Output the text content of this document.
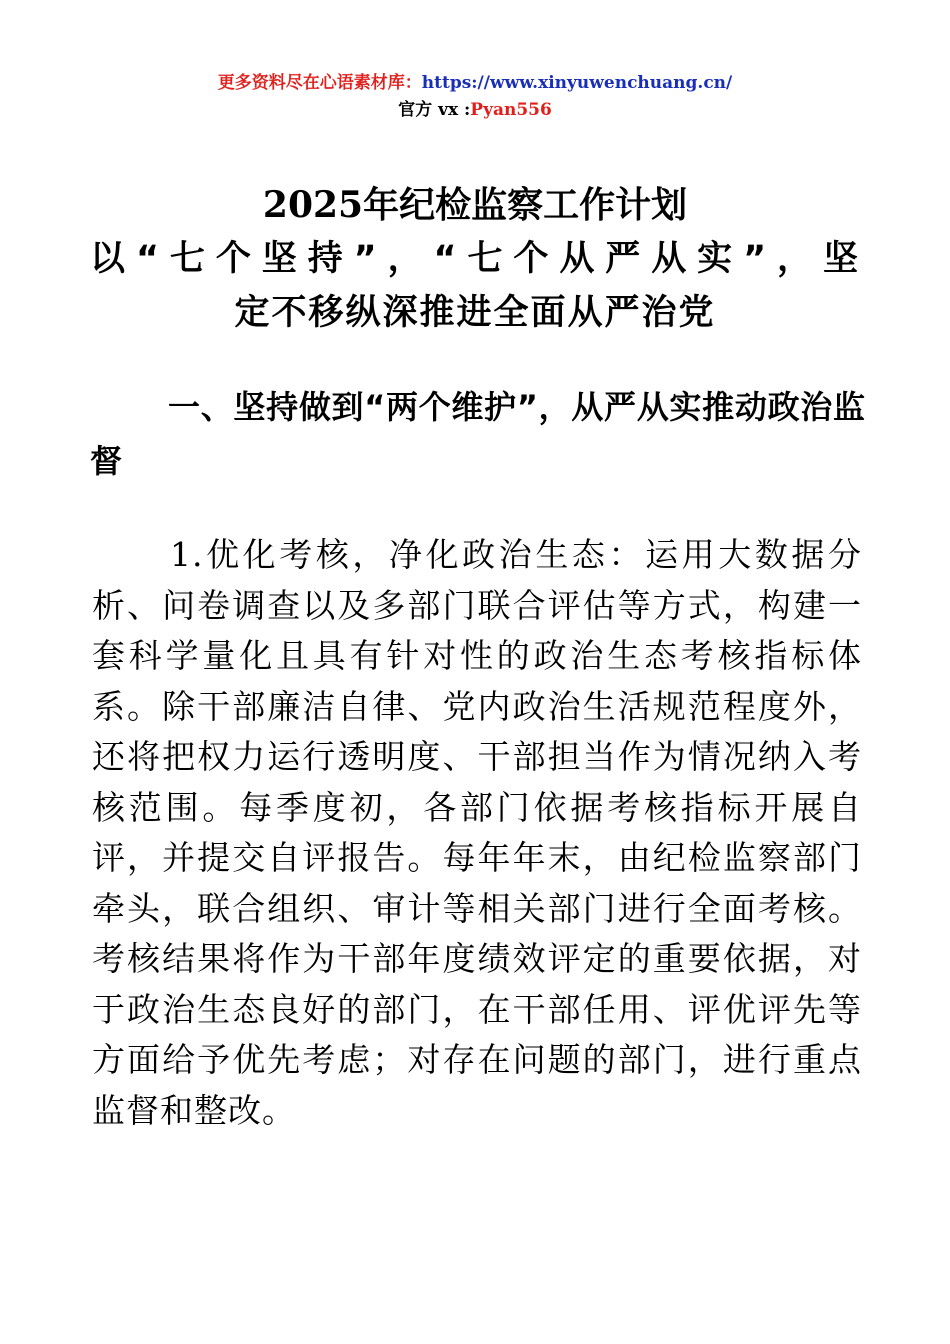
更多资料尽在心语素材库：https://www.xinyuwenchuang.cn/
官方 vx :Pyan556
2025年纪检监察工作计划
以“七个坚持”，“七个从严从实”，坚
定不移纵深推进全面从严治党
一、坚持做到“两个维护”，从严从实推动政治监督
1.优化考核，净化政治生态：运用大数据分析、问卷调查以及多部门联合评估等方式，构建一套科学量化且具有针对性的政治生态考核指标体系。除干部廉洁自律、党内政治生活规范程度外，还将把权力运行透明度、干部担当作为情况纳入考核范围。每季度初，各部门依据考核指标开展自评，并提交自评报告。每年年末，由纪检监察部门牵头，联合组织、审计等相关部门进行全面考核。考核结果将作为干部年度绩效评定的重要依据，对于政治生态良好的部门，在干部任用、评优评先等方面给予优先考虑；对存在问题的部门，进行重点监督和整改。
